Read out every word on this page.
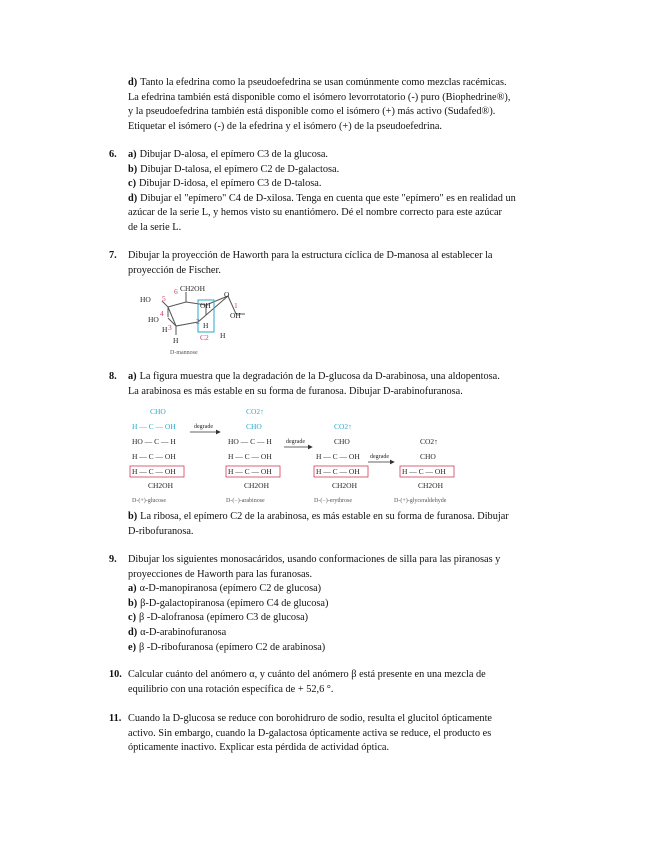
d) Tanto la efedrina como la pseudoefedrina se usan comúnmente como mezclas racémicas.
La efedrina también está disponible como el isómero levorrotatorio (-) puro (Biophedrine®),
y la pseudoefedrina también está disponible como el isómero (+) más activo (Sudafed®).
Etiquetar el isómero (-) de la efedrina y el isómero (+) de la pseudoefedrina.
6. a) Dibujar D-alosa, el epímero C3 de la glucosa.
b) Dibujar D-talosa, el epímero C2 de D-galactosa.
c) Dibujar D-idosa, el epímero C3 de D-talosa.
d) Dibujar el "epímero" C4 de D-xilosa. Tenga en cuenta que este "epímero" es en realidad un
azúcar de la serie L, y hemos visto su enantiómero. Dé el nombre correcto para este azúcar
de la serie L.
7. Dibujar la proyección de Haworth para la estructura cíclica de D-manosa al establecer la
proyección de Fischer.
6 CH2OH
O
5
HO
4
OH
OH
HO
3
H
H
2
1
H
C2 H
D-mannose
8. a) La figura muestra que la degradación de la D-glucosa da D-arabinosa, una aldopentosa.
La arabinosa es más estable en su forma de furanosa. Dibujar D-arabinofuranosa.
CHO
H — C — OH
HO — C — H
H — C — OH
H — C — OH
CH2OH
degrade
CO2↑
CHO
HO — C — H
H — C — OH
H — C — OH
CH2OH
degrade
CO2↑
CHO
H — C — OH
H — C — OH
CH2OH
degrade
CO2↑
CHO
H — C — OH
CH2OH
D-(+)-glucose	D-(−)-arabinose	D-(−)-erythrose	D-(+)-glyceraldehyde
b) La ribosa, el epímero C2 de la arabinosa, es más estable en su forma de furanosa. Dibujar
D-ribofuranosa.
9. Dibujar los siguientes monosacáridos, usando conformaciones de silla para las piranosas y
proyecciones de Haworth para las furanosas.
a) α-D-manopiranosa (epímero C2 de glucosa)
b) β-D-galactopiranosa (epímero C4 de glucosa)
c) β -D-alofranosa (epímero C3 de glucosa)
d) α-D-arabinofuranosa
e) β -D-ribofuranosa (epímero C2 de arabinosa)
10. Calcular cuánto del anómero α, y cuánto del anómero β está presente en una mezcla de
equilibrio con una rotación específica de + 52,6 °.
11. Cuando la D-glucosa se reduce con borohidruro de sodio, resulta el glucitol ópticamente
activo. Sin embargo, cuando la D-galactosa ópticamente activa se reduce, el producto es
ópticamente inactivo. Explicar esta pérdida de actividad óptica.
